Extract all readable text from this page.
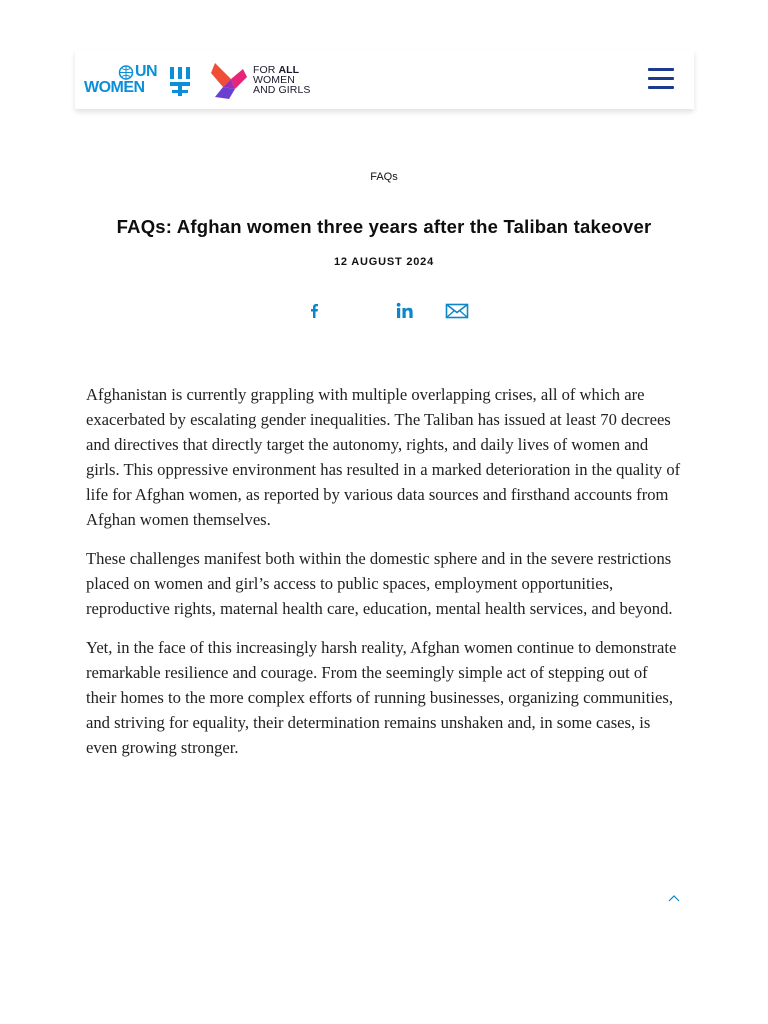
UN
WOMEN
FOR ALL
WOMEN
AND GIRLS
FAQs
FAQs: Afghan women three years after the Taliban takeover
12 AUGUST 2024

Afghanistan is currently grappling with multiple overlapping crises, all of which are exacerbated by escalating gender inequalities. The Taliban has issued at least 70 decrees and directives that directly target the autonomy, rights, and daily lives of women and girls. This oppressive environment has resulted in a marked deterioration in the quality of life for Afghan women, as reported by various data sources and firsthand accounts from Afghan women themselves.

These challenges manifest both within the domestic sphere and in the severe restrictions placed on women and girl’s access to public spaces, employment opportunities, reproductive rights, maternal health care, education, mental health services, and beyond.

Yet, in the face of this increasingly harsh reality, Afghan women continue to demonstrate remarkable resilience and courage. From the seemingly simple act of stepping out of their homes to the more complex efforts of running businesses, organizing communities, and striving for equality, their determination remains unshaken and, in some cases, is even growing stronger.
